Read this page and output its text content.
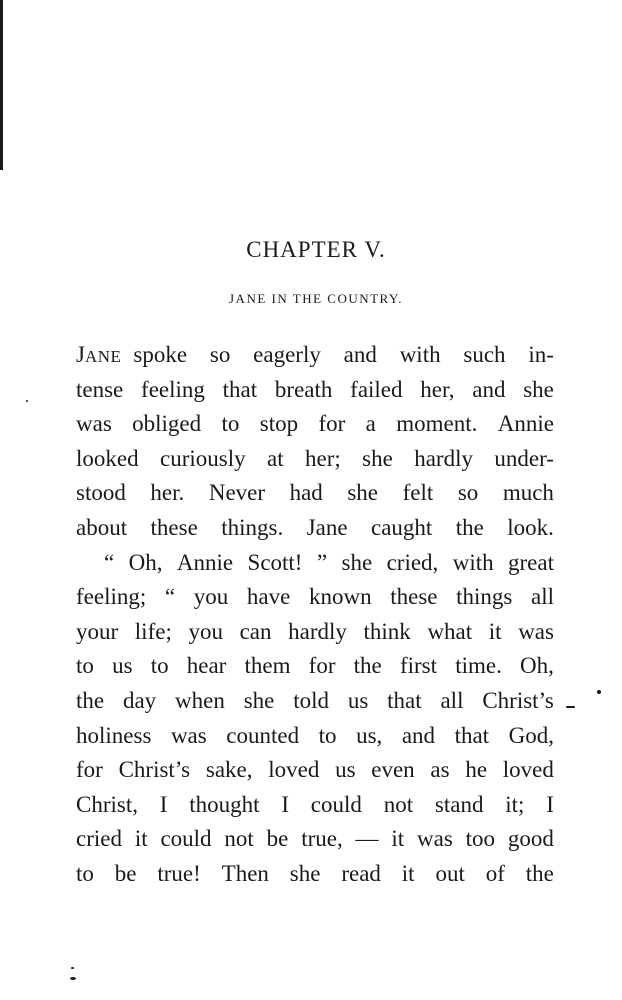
CHAPTER V.
JANE IN THE COUNTRY.
JANE spoke so eagerly and with such in-
tense feeling that breath failed her, and she
was obliged to stop for a moment. Annie
looked curiously at her; she hardly under-
stood her. Never had she felt so much
about these things. Jane caught the look.
“ Oh, Annie Scott! ” she cried, with great
feeling; “ you have known these things all
your life; you can hardly think what it was
to us to hear them for the first time. Oh,
the day when she told us that all Christ’s
holiness was counted to us, and that God,
for Christ’s sake, loved us even as he loved
Christ, I thought I could not stand it; I
cried it could not be true, — it was too good
to be true! Then she read it out of the
